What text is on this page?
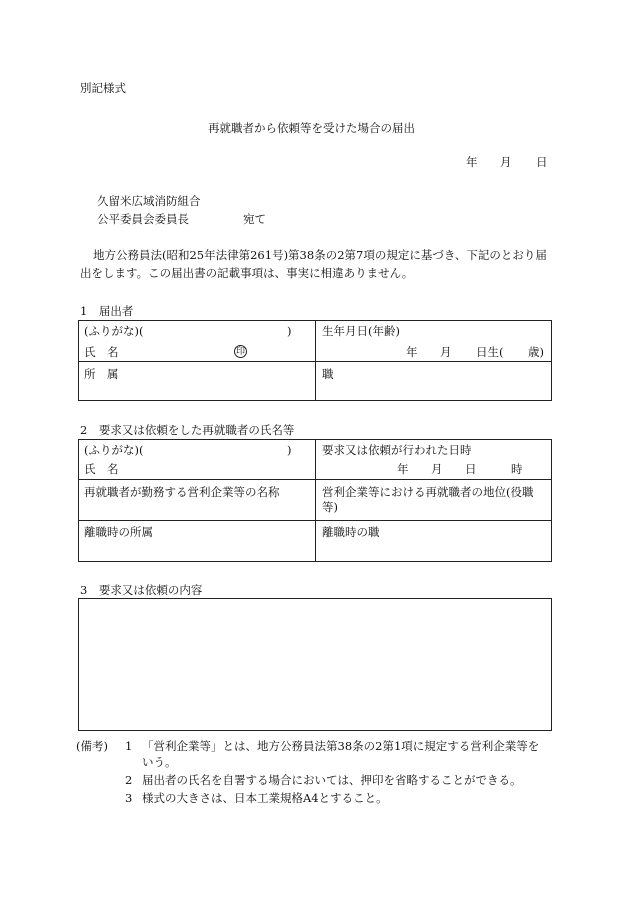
別記様式
再就職者から依頼等を受けた場合の届出
年 月 日
久留米広域消防組合
公平委員会委員長	宛て
地方公務員法(昭和25年法律第261号)第38条の2第7項の規定に基づき、下記のとおり届
出をします。この届出書の記載事項は、事実に相違ありません。
1　届出者
(ふりがな)(	)
氏　名	印
生年月日(年齢)
年 月 日生( 歳)
所　属	職
2　要求又は依頼をした再就職者の氏名等
(ふりがな)(	)
氏　名
要求又は依頼が行われた日時
年 月 日	時
再就職者が勤務する営利企業等の名称	営利企業等における再就職者の地位(役職
等)
離職時の所属	離職時の職
3　要求又は依頼の内容
(備考) 1 「営利企業等」とは、地方公務員法第38条の2第1項に規定する営利企業等を
いう。
2 届出者の氏名を自署する場合においては、押印を省略することができる。
3 様式の大きさは、日本工業規格A4とすること。
